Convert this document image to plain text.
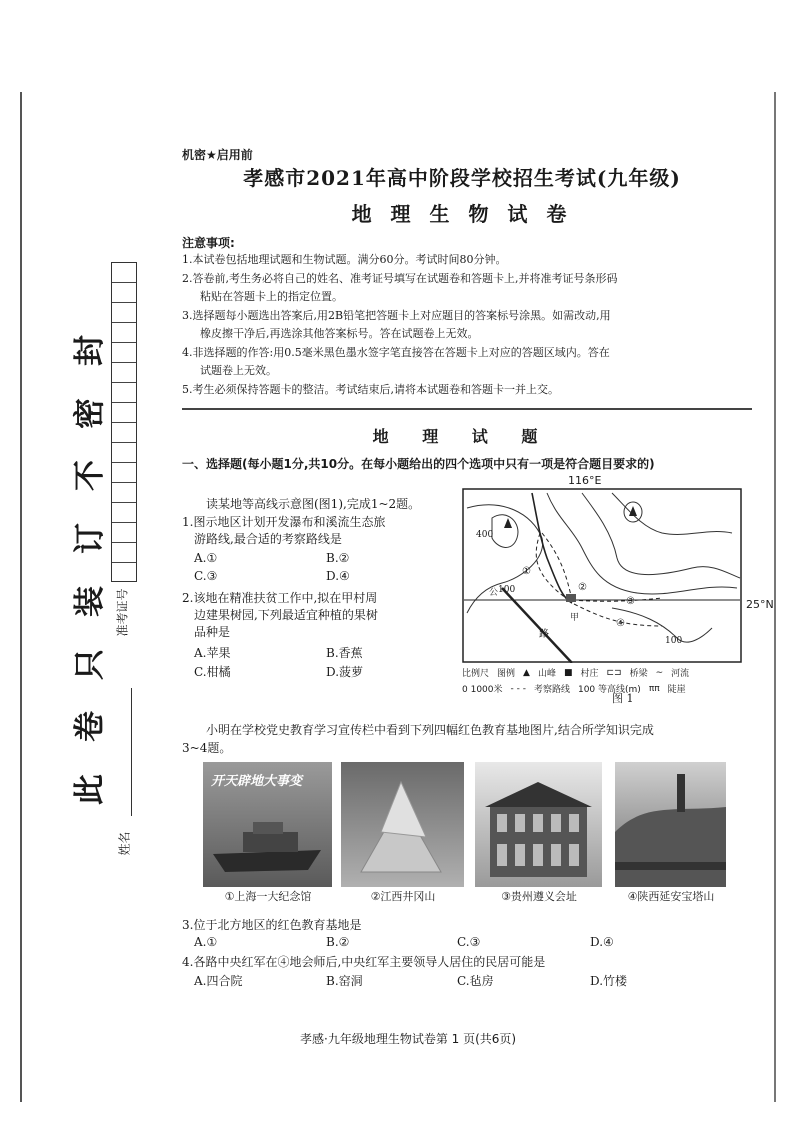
封
密
不
订
装
只
卷
此
准考证号
姓名
机密★启用前
孝感市2021年高中阶段学校招生考试(九年级)
地 理 生 物 试 卷
注意事项:
1.本试卷包括地理试题和生物试题。满分60分。考试时间80分钟。
2.答卷前,考生务必将自己的姓名、准考证号填写在试题卷和答题卡上,并将准考证号条形码
粘贴在答题卡上的指定位置。
3.选择题每小题选出答案后,用2B铅笔把答题卡上对应题目的答案标号涂黑。如需改动,用
橡皮擦干净后,再选涂其他答案标号。答在试题卷上无效。
4.非选择题的作答:用0.5毫米黑色墨水签字笔直接答在答题卡上对应的答题区域内。答在
试题卷上无效。
5.考生必须保持答题卡的整洁。考试结束后,请将本试题卷和答题卡一并上交。
地 理 试 题
一、选择题(每小题1分,共10分。在每小题给出的四个选项中只有一项是符合题目要求的)
读某地等高线示意图(图1),完成1~2题。
1.图示地区计划开发瀑布和溪流生态旅
游路线,最合适的考察路线是
A.①	B.②
C.③	D.④
2.该地在精准扶贫工作中,拟在甲村周
边建果树园,下列最适宜种植的果树
品种是
A.苹果	B.香蕉
C.柑橘	D.菠萝
116°E
400
公 100
路
甲
100
25°N
①
②
③
④
比例尺 图例 ▲ 山峰 ■ 村庄 ⊏⊐ 桥梁 ∼ 河流
0 1000米 - - - 考察路线 100 等高线(m) ππ 陡崖
图 1
小明在学校党史教育学习宣传栏中看到下列四幅红色教育基地图片,结合所学知识完成
3~4题。
开天辟地大事变
①上海一大纪念馆	②江西井冈山	③贵州遵义会址	④陕西延安宝塔山
3.位于北方地区的红色教育基地是
A.①	B.②	C.③	D.④
4.各路中央红军在④地会师后,中央红军主要领导人居住的民居可能是
A.四合院	B.窑洞	C.毡房	D.竹楼
孝感·九年级地理生物试卷第 1 页(共6页)
